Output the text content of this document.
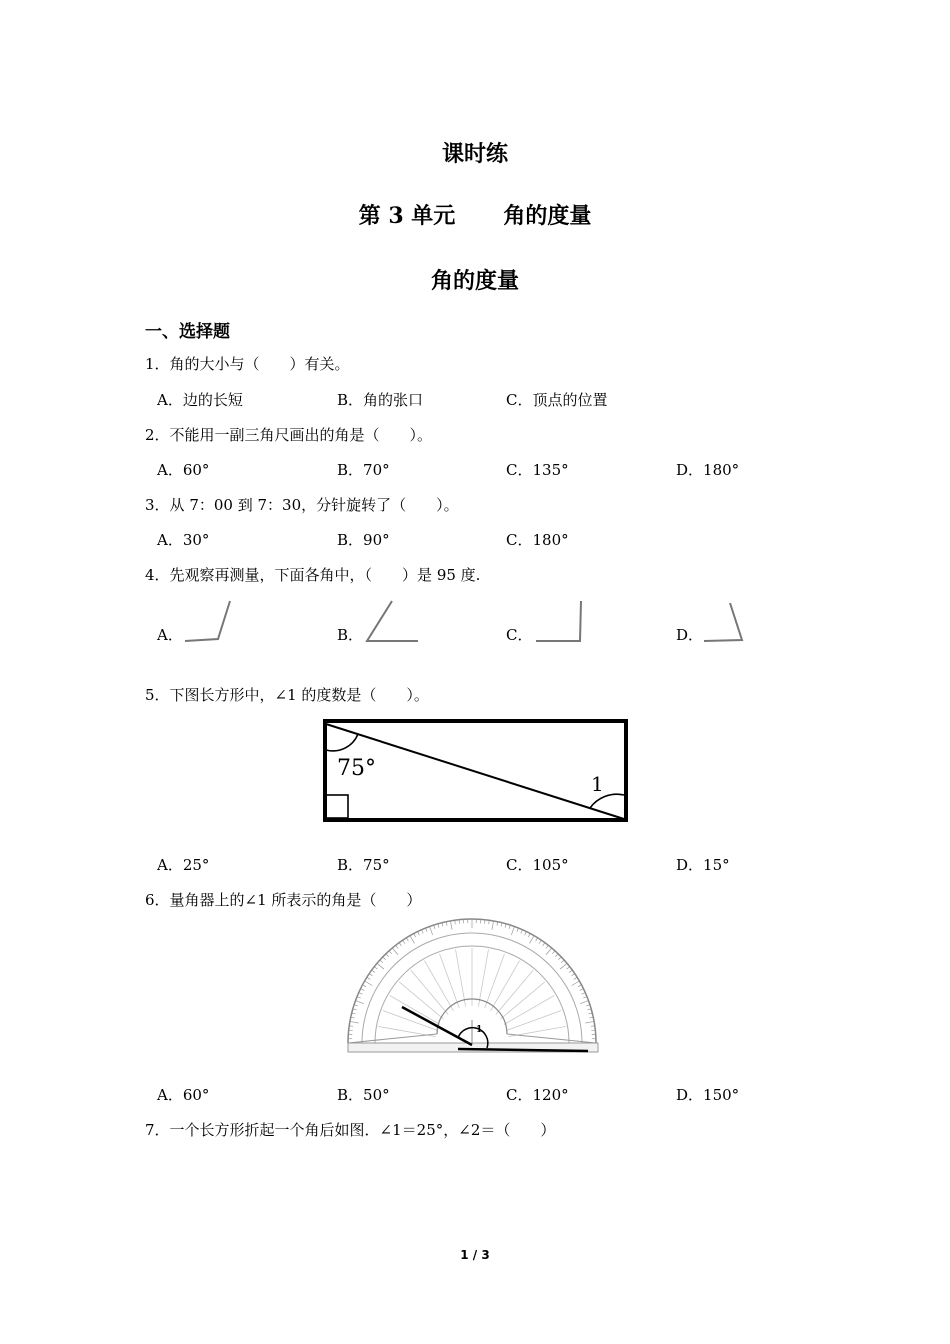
课时练
第 3 单元 角的度量
角的度量
一、选择题
1．角的大小与（　　）有关。
A．边的长短	B．角的张口	C．顶点的位置
2．不能用一副三角尺画出的角是（　　）。
A．60°	B．70°	C．135°	D．180°
3．从 7：00 到 7：30，分针旋转了（　　）。
A．30°	B．90°	C．180°
4．先观察再测量，下面各角中，（　　）是 95 度.
A．	B．	C．	D．
5．下图长方形中，∠1 的度数是（　　）。
75°
1
A．25°	B．75°	C．105°	D．15°
6．量角器上的∠1 所表示的角是（　　）
1
A．60°	B．50°	C．120°	D．150°
7．一个长方形折起一个角后如图．∠1＝25°，∠2＝（　　）
1 / 3
